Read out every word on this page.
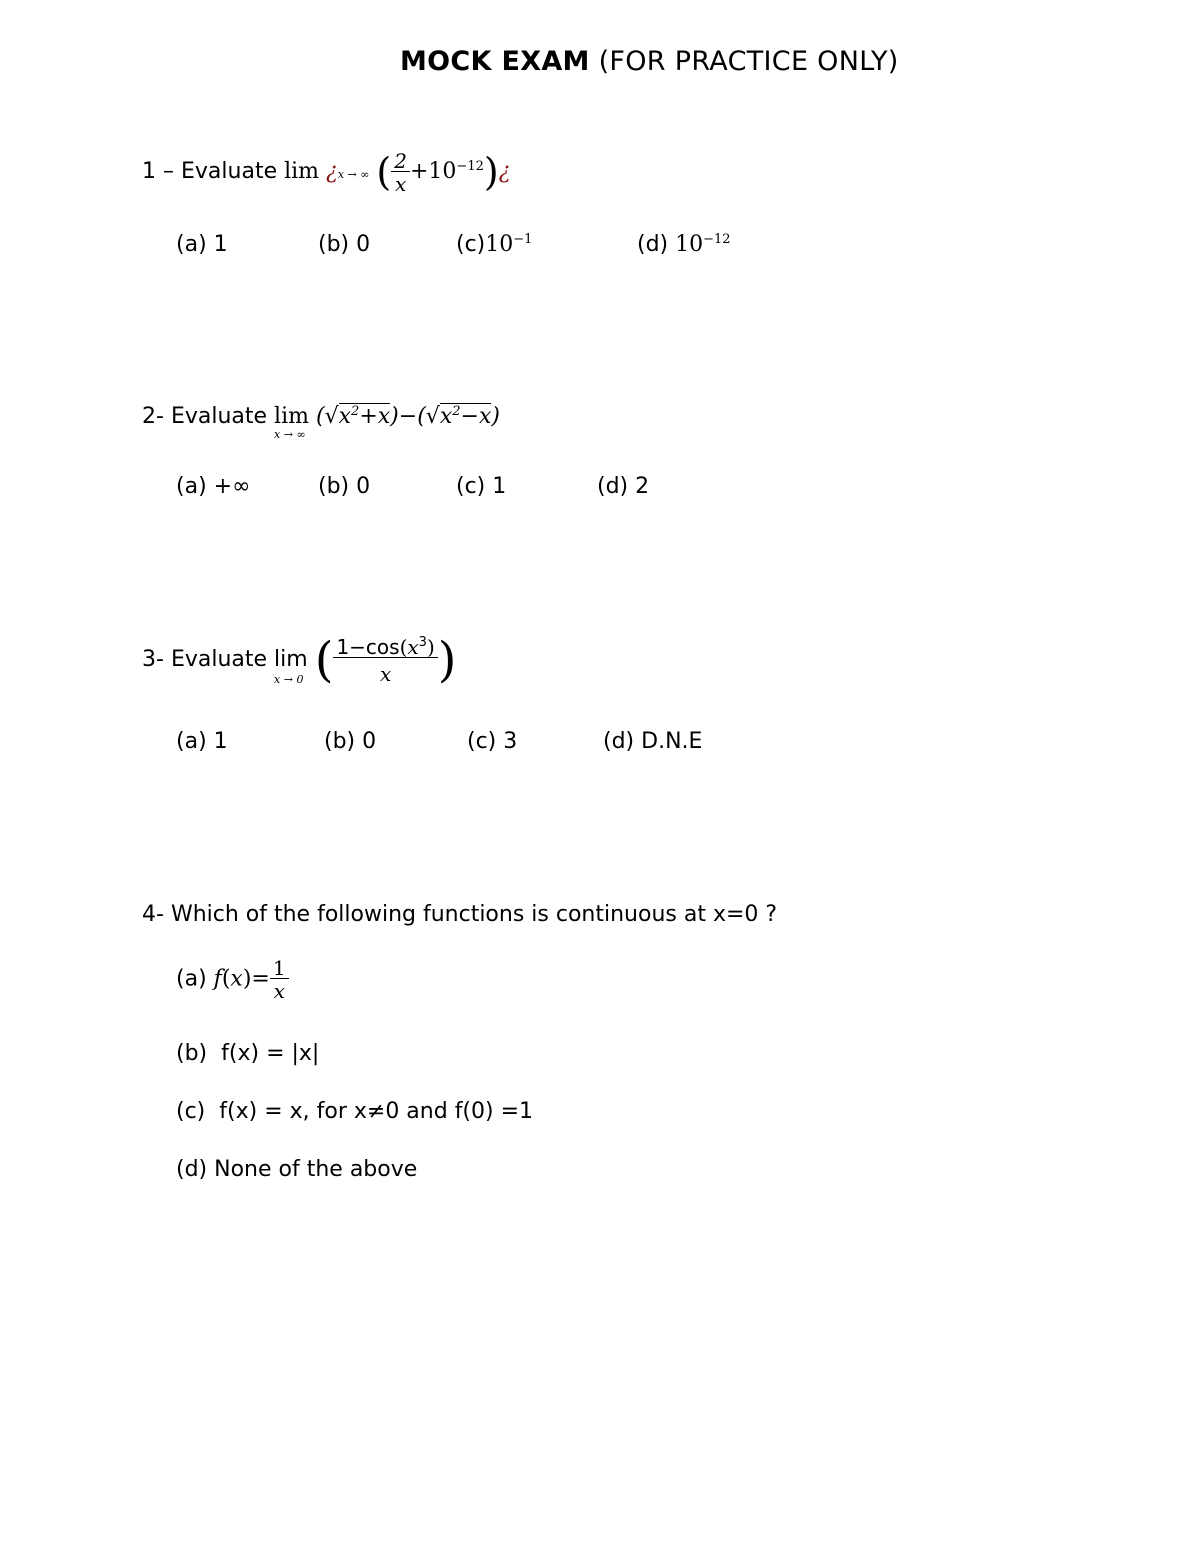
MOCK EXAM (FOR PRACTICE ONLY)
1 – Evaluate lim ¿x → ∞ ( $\frac{2}{x}$ $+10^{-12})¿$
(a) 1	(b) 0	$(c)10^{-1}$	(d) $10^{-12}$
2- Evaluate lim
x → ∞
$(√x^2+x)-(√x^2-x)$
(a) +∞	(b) 0	(c) 1	(d) 2
3- Evaluate lim
x → 0 ( $\frac{1-\cos(x^3)}{x}$ )
(a) 1	(b) 0	(c) 3	(d) D.N.E
4- Which of the following functions is continuous at x=0 ?
(a) $f(x)= \frac{1}{x}$
(b) f(x) = |x|
(c) f(x) = x, for x≠0 and f(0) =1
(d) None of the above
